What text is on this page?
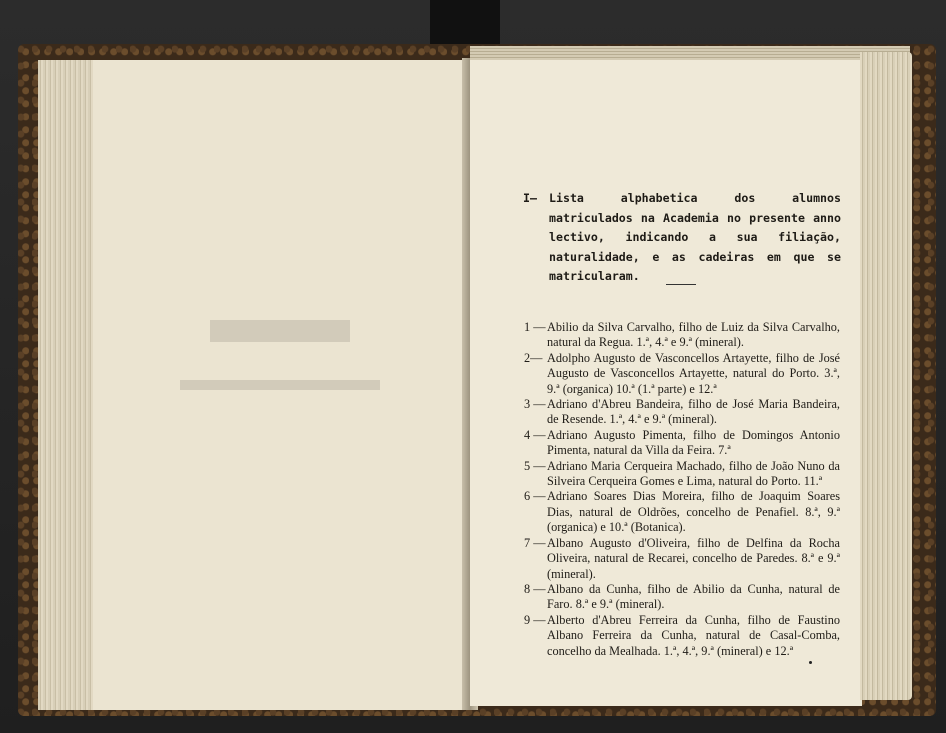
I— Lista alphabetica dos alumnos matriculados na Academia no presente anno lectivo, indicando a sua filiação, naturalidade, e as cadeiras em que se matricularam.
1 — Abilio da Silva Carvalho, filho de Luiz da Silva Carvalho, natural da Regua. 1.ª, 4.ª e 9.ª (mineral).
2— Adolpho Augusto de Vasconcellos Artayette, filho de José Augusto de Vasconcellos Artayette, natural do Porto. 3.ª, 9.ª (organica) 10.ª (1.ª parte) e 12.ª
3 — Adriano d'Abreu Bandeira, filho de José Maria Bandeira, de Resende. 1.ª, 4.ª e 9.ª (mineral).
4 — Adriano Augusto Pimenta, filho de Domingos Antonio Pimenta, natural da Villa da Feira. 7.ª
5 — Adriano Maria Cerqueira Machado, filho de João Nuno da Silveira Cerqueira Gomes e Lima, natural do Porto. 11.ª
6 — Adriano Soares Dias Moreira, filho de Joaquim Soares Dias, natural de Oldrões, concelho de Penafiel. 8.ª, 9.ª (organica) e 10.ª (Botanica).
7 — Albano Augusto d'Oliveira, filho de Delfina da Rocha Oliveira, natural de Recarei, concelho de Paredes. 8.ª e 9.ª (mineral).
8 — Albano da Cunha, filho de Abilio da Cunha, natural de Faro. 8.ª e 9.ª (mineral).
9 — Alberto d'Abreu Ferreira da Cunha, filho de Faustino Albano Ferreira da Cunha, natural de Casal-Comba, concelho da Mealhada. 1.ª, 4.ª, 9.ª (mineral) e 12.ª
